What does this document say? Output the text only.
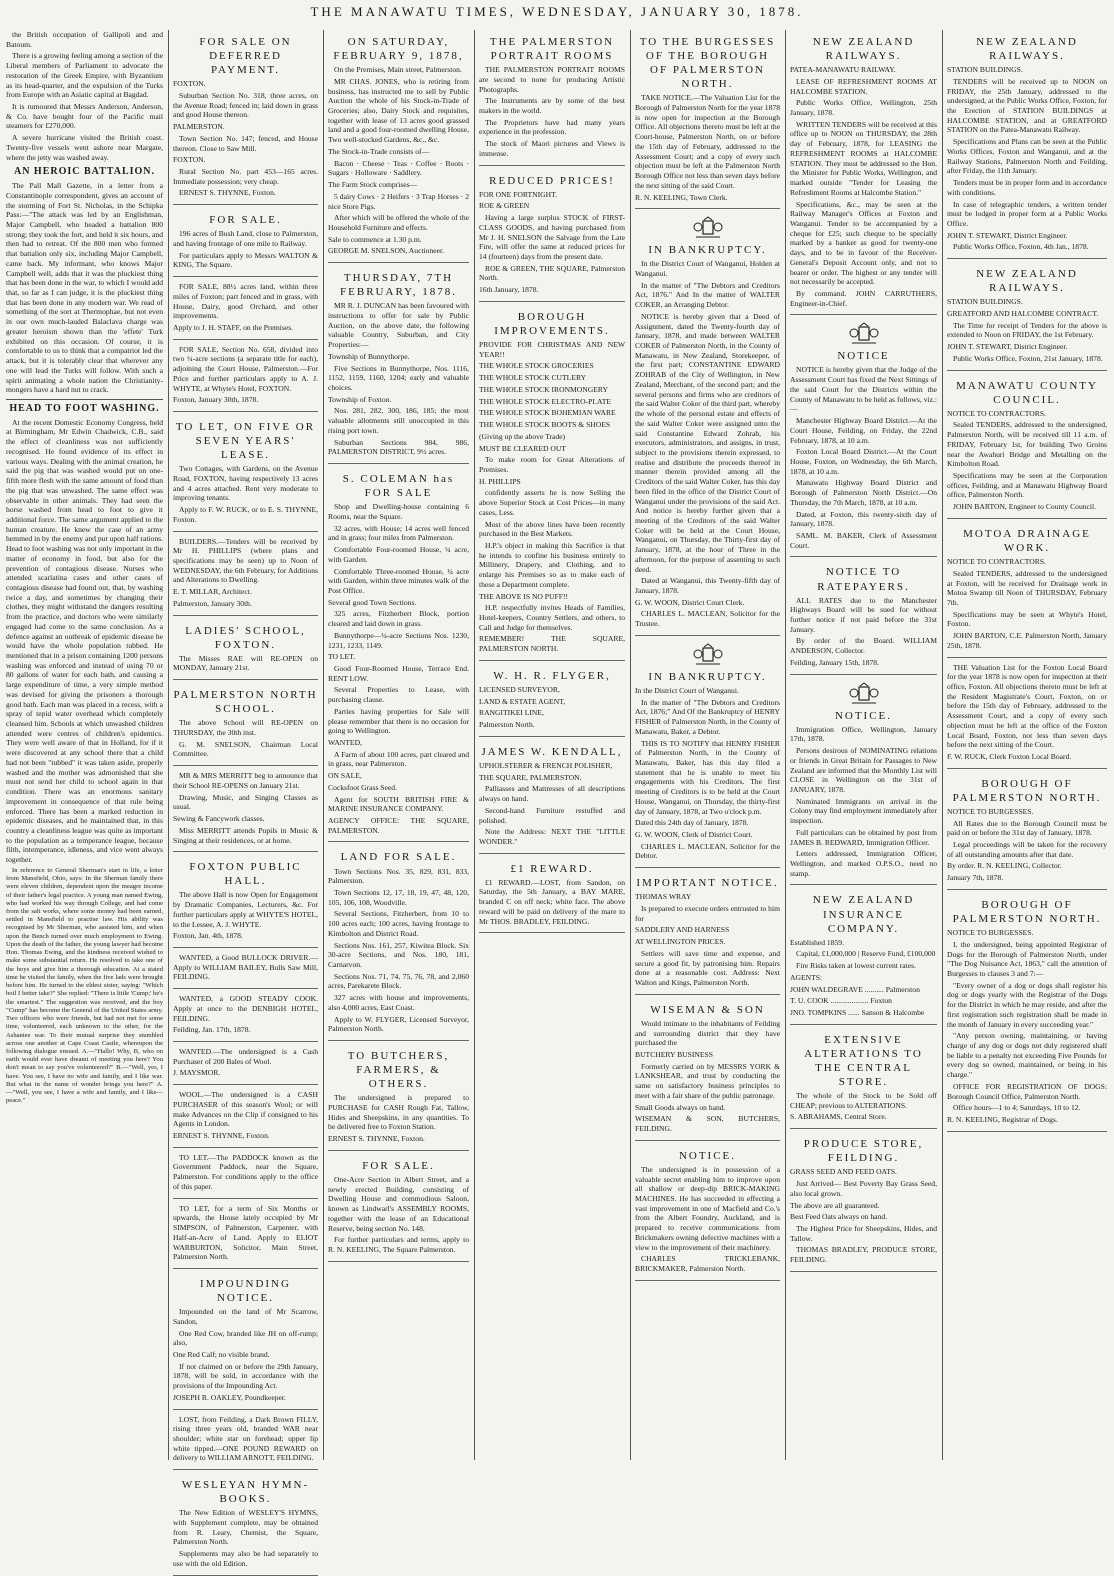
THE MANAWATU TIMES, WEDNESDAY, JANUARY 30, 1878.

the British occupation of Gallipoli and and Batoum.

There is a growing feeling among a section of the Liberal members of Parliament to advocate the restoration of the Greek Empire, with Byzantium as its head-quarter, and the expulsion of the Turks from Europe with an Asiatic capital at Bagdad.

It is rumoured that Messrs Anderson, Anderson, & Co. have bought four of the Pacific mail steamers for £270,000.

A severe hurricane visited the British coast. Twenty-five vessels went ashore near Margate, where the jetty was washed away.

AN HEROIC BATTALION.

The Pall Mall Gazette, in a letter from a Constantinople correspondent, gives an account of the storming of Fort St. Nicholas, in the Schipka Pass:—"The attack was led by an Englishman, Major Campbell, who headed a battalion 800 strong; they took the fort, and held it six hours, and then had to retreat. Of the 800 men who formed that battalion only six, including Major Campbell, came back. My informant, who knows Major Campbell well, adds that it was the pluckiest thing that has been done in the war, to which I would add that, so far as I can judge, it is the pluckiest thing that has been done in any modern war. We read of something of the sort at Thermophae, but not even in our own much-lauded Balaclava charge was greater heroism shown than the 'effete' Turk exhibited on this occasion. Of course, it is comfortable to us to think that a compatriot led the attack, but it is tolerably clear that wherever any one will lead the Turks will follow. With such a spirit animating a whole nation the Christianity-mongers have a hard nut to crack.

HEAD TO FOOT WASHING.

At the recent Domestic Economy Congress, held at Birmingham, Mr Edwin Chadwick, C.B., said the effect of cleanliness was not sufficiently recognised. He found evidence of its effect in various ways. Dealing with the animal creation, he said the pig that was washed would put on one-fifth more flesh with the same amount of food than the pig that was unwashed. The same effect was observable in other animals. They had seen the horse washed from head to foot to give it additional force. The same argument applied to the human creature. He knew the case of an army hemmed in by the enemy and put upon half rations. Head to foot washing was not only important in the matter of economy in food, but also for the prevention of contagious disease. Nurses who attended scarlatina cases and other cases of contagious disease had found out, that, by washing twice a day, and sometimes by changing their clothes, they might withstand the dangers resulting from the practice, and doctors who were similarly engaged had come to the same conclusion. As a defence against an outbreak of epidemic disease he would have the whole population tubbed. He mentioned that in a prison containing 1200 persons washing was enforced and instead of using 70 or 80 gallons of water for each bath, and causing a large expenditure of time, a very simple method was devised for giving the prisoners a thorough good bath. Each man was placed in a recess, with a spray of tepid water overhead which completely cleansed him. Schools at which unwashed children attended were centres of children's epidemics. They were well aware of that in Holland, for if it were discovered at any school there that a child had not been "tubbed" it was taken aside, properly washed and the mother was admonished that she must not send her child to school again in that condition. There was an enormous sanitary improvement in consequence of that rule being enforced. There has been a marked reduction in epidemic diseases, and he maintained that, in this country a cleanliness league was quite as important to the population as a temperance league, because filth, intemperance, idleness, and vice went always together.

In reference to General Sherman's start in life, a letter from Mansfield, Ohio, says: In the Sherman family there were eleven children, dependent upon the meagre income of their father's legal practice. A young man named Ewing, who had worked his way through College, and had come from the salt works, where some money had been earned, settled in Mansfield to practise law. His ability was recognised by Mr Sherman, who assisted him, and when upon the Bench turned over much employment to Ewing. Upon the death of the father, the young lawyer had become Hon. Thomas Ewing, and the kindness received wished to make some substantial return. He resolved to take one of the boys and give him a thorough education. At a stated time he visited the family, when the five lads were brought before him. He turned to the eldest sister, saying: "Which boil I better take?" She replied: "There is little 'Cump;' he's the smartest." The suggestion was received, and the boy "Cump" has become the General of the United States army. Two officers who were friends, but had not met for some time, volunteered, each unknown to the other, for the Ashantee war. To their mutual surprise they stumbled across one another at Cape Coast Castle, whereupon the following dialogue ensued. A.—"Hallo! Why, B, who on earth would ever have dreamt of meeting you here? You don't mean to say you've volunteered?" B.—"Well, yes, I have. You see, I have no wife and family, and I like war. But what in the name of wonder brings you here?" A.—"Well, you see, I have a wife and family, and I like—peace."

FOR SALE ON DEFERRED PAYMENT.

FOXTON.

Suburban Section No. 318, three acres, on the Avenue Road; fenced in; laid down in grass and good House thereon.

PALMERSTON.

Town Section No. 147; fenced, and House thereon. Close to Saw Mill.

FOXTON.

Rural Section No. part 453—165 acres. Immediate possession; very cheap.

ERNEST S. THYNNE, Foxton.

FOR SALE.

196 acres of Bush Land, close to Palmerston, and having frontage of one mile to Railway.

For particulars apply to Messrs WALTON & KING, The Square.

FOR SALE, 88½ acres land, within three miles of Foxton; part fenced and in grass, with House, Dairy, good Orchard, and other improvements.

Apply to J. H. STAFF, on the Premises.

FOR SALE, Section No. 658, divided into two ¼-acre sections (a separate title for each), adjoining the Court House, Palmerston.—For Price and further particulars apply to A. J. WHYTE, at Whyte's Hotel, FOXTON.

Foxton, January 30th, 1878.

TO LET, ON FIVE OR SEVEN YEARS' LEASE.

Two Cottages, with Gardens, on the Avenue Road, FOXTON, having respectively 13 acres and 4 acres attached. Rent very moderate to improving tenants.

Apply to F. W. RUCK, or to E. S. THYNNE, Foxton.

BUILDERS.—Tenders will be received by Mr H. PHILLIPS (where plans and specifications may be seen) up to Noon of WEDNESDAY, the 6th February, for Additions and Alterations to Dwelling.

E. T. MILLAR, Architect.

Palmerston, January 30th.

LADIES' SCHOOL, FOXTON.

The Misses RAE will RE-OPEN on MONDAY, January 21st.

PALMERSTON NORTH SCHOOL.

The above School will RE-OPEN on THURSDAY, the 30th inst.

G. M. SNELSON, Chairman Local Committee.

MR & MRS MERRITT beg to announce that their School RE-OPENS on January 21st.

Drawing, Music, and Singing Classes as usual.

Sewing & Fancywork classes.

Miss MERRITT attends Pupils in Music & Singing at their residences, or at home.

FOXTON PUBLIC HALL.

The above Hall is now Open for Engagement by Dramatic Companies, Lecturers, &c. For further particulars apply at WHYTE'S HOTEL, to the Lessee, A. J. WHYTE.

Foxton, Jan. 4th, 1878.

WANTED, a Good BULLOCK DRIVER.—Apply to WILLIAM BAILEY, Bulls Saw Mill, FEILDING.

WANTED, a GOOD STEADY COOK. Apply at once to the DENBIGH HOTEL, FEILDING.

Feilding, Jan. 17th, 1878.

WANTED.—The undersigned is a Cash Purchaser of 200 Bales of Wool.

J. MAYSMOR.

WOOL.—The undersigned is a CASH PURCHASER of this season's Wool; or will make Advances on the Clip if consigned to his Agents in London.

ERNEST S. THYNNE, Foxton.

TO LET.—The PADDOCK known as the Government Paddock, near the Square, Palmerston. For conditions apply to the office of this paper.

TO LET, for a term of Six Months or upwards, the House lately occupied by Mr SIMPSON, of Palmerston, Carpenter, with Half-an-Acre of Land. Apply to ELIOT WARBURTON, Solicitor, Main Street, Palmerston North.

IMPOUNDING NOTICE.

Impounded on the land of Mr Scarrow, Sandon,

One Red Cow, branded like JH on off-rump; also,

One Red Calf; no visible brand.

If not claimed on or before the 29th January, 1878, will be sold, in accordance with the provisions of the Impounding Act.

JOSEPH R. OAKLEY, Poundkeeper.

LOST, from Feilding, a Dark Brown FILLY, rising three years old, branded WAR near shoulder; white star on forehead; upper lip white tipped.—ONE POUND REWARD on delivery to WILLIAM ARNOTT, FEILDING.

WESLEYAN HYMN-BOOKS.

The New Edition of WESLEY'S HYMNS, with Supplement complete, may be obtained from R. Leary, Chemist, the Square, Palmerston North.

Supplements may also be had separately to use with the old Edition.

ON SATURDAY, FEBRUARY 9, 1878,

On the Premises, Main street, Palmerston.

MR CHAS. JONES, who is retiring from business, has instructed me to sell by Public Auction the whole of his Stock-in-Trade of Groceries; also, Dairy Stock and requisites, together with lease of 13 acres good grassed land and a good four-roomed dwelling House, Two well-stocked Gardens, &c., &c.

The Stock-in-Trade consists of—

Bacon · Cheese · Teas · Coffee · Boots · Sugars · Holloware · Saddlery.

The Farm Stock comprises—

5 dairy Cows · 2 Heifers · 3 Trap Horses · 2 nice Store Pigs.

After which will be offered the whole of the Household Furniture and effects.

Sale to commence at 1.30 p.m.

GEORGE M. SNELSON, Auctioneer.

THURSDAY, 7TH FEBRUARY, 1878.

MR R. J. DUNCAN has been favoured with instructions to offer for sale by Public Auction, on the above date, the following valuable Country, Suburban, and City Properties:—

Township of Bunnythorpe.

Five Sections in Bunnythorpe, Nos. 1116, 1152, 1159, 1160, 1204; early and valuable choices.

Township of Foxton.

Nos. 281, 282, 300, 186, 185; the most valuable allotments still unoccupied in this rising port town.

Suburban Sections 984, 986, PALMERSTON DISTRICT, 9½ acres.

S. COLEMAN has FOR SALE

Shop and Dwelling-house containing 6 Rooms, near the Square.

32 acres, with House; 14 acres well fenced and in grass; four miles from Palmerston.

Comfortable Four-roomed House, ¼ acre, with Garden.

Comfortable Three-roomed House, ¼ acre with Garden, within three minutes walk of the Post Office.

Several good Town Sections.

325 acres, Fitzherbert Block, portion cleared and laid down in grass.

Bunnythorpe—¼-acre Sections Nos. 1230, 1231, 1233, 1149.

TO LET.

Good Four-Roomed House, Terrace End. RENT LOW.

Several Properties to Lease, with purchasing clause.

Parties having properties for Sale will please remember that there is no occasion for going to Wellington.

WANTED,

A Farm of about 100 acres, part cleared and in grass, near Palmerston.

ON SALE,

Cocksfoot Grass Seed.

Agent for SOUTH BRITISH FIRE & MARINE INSURANCE COMPANY.

AGENCY OFFICE: THE SQUARE, PALMERSTON.

LAND FOR SALE.

Town Sections Nos. 35, 829, 831, 833, Palmerston.

Town Sections 12, 17, 18, 19, 47, 48, 120, 105, 106, 108, Woodville.

Several Sections, Fitzherbert, from 10 to 100 acres each; 100 acres, having frontage to Kimbolton and District Road.

Sections Nos. 161, 257, Kiwitea Block. Six 30-acre Sections, and Nos. 180, 181, Carnarvon.

Sections Nos. 71, 74, 75, 76, 78, and 2,060 acres, Parekarete Block.

327 acres with house and improvements, also 4,000 acres, East Coast.

Apply to W. FLYGER, Licensed Surveyor, Palmerston North.

TO BUTCHERS, FARMERS, & OTHERS.

The undersigned is prepared to PURCHASE for CASH Rough Fat, Tallow, Hides and Sheepskins, in any quantities. To be delivered free to Foxton Station.

ERNEST S. THYNNE, Foxton.

FOR SALE.

One-Acre Section in Albert Street, and a newly erected Building, consisting of Dwelling House and commodious Saloon, known as Lindwarl's ASSEMBLY ROOMS, together with the lease of an Educational Reserve, being section No. 148.

For further particulars and terms, apply to R. N. KEELING, The Square Palmerston.

THE PALMERSTON PORTRAIT ROOMS

THE PALMERSTON PORTRAIT ROOMS are second to none for producing Artistic Photographs.

The Instruments are by some of the best makers in the world.

The Proprietors have had many years experience in the profession.

The stock of Maori pictures and Views is immense.

REDUCED PRICES!

FOR ONE FORTNIGHT.

ROE & GREEN

Having a large surplus STOCK of FIRST-CLASS GOODS, and having purchased from Mr J. H. SNELSON the Salvage from the Late Fire, will offer the same at reduced prices for 14 (fourteen) days from the present date.

ROE & GREEN, THE SQUARE, Palmerston North.

16th January, 1878.

BOROUGH IMPROVEMENTS.

PROVIDE FOR CHRISTMAS AND NEW YEAR!!

THE WHOLE STOCK GROCERIES

THE WHOLE STOCK CUTLERY

THE WHOLE STOCK IRONMONGERY

THE WHOLE STOCK ELECTRO-PLATE

THE WHOLE STOCK BOHEMIAN WARE

THE WHOLE STOCK BOOTS & SHOES

(Giving up the above Trade)

MUST BE CLEARED OUT

To make room for Great Alterations of Premises.

H. PHILLIPS

confidently asserts he is now Selling the above Superior Stock at Cost Prices—in many cases, Less.

Most of the above lines have been recently purchased in the Best Markets.

H.P.'s object in making this Sacrifice is that he intends to confine his business entirely to Millinery, Drapery, and Clothing, and to enlarge his Premises so as to make each of these a Department complete.

THE ABOVE IS NO PUFF!!

H.P. respectfully invites Heads of Families, Hotel-keepers, Country Settlers, and others, to Call and Judge for themselves.

REMEMBER! THE SQUARE, PALMERSTON NORTH.

W. H. R. FLYGER,

LICENSED SURVEYOR,

LAND & ESTATE AGENT,

RANGITIKEI LINE,

Palmerston North.

JAMES W. KENDALL,

UPHOLSTERER & FRENCH POLISHER,

THE SQUARE, PALMERSTON.

Palliasses and Mattresses of all descriptions always on hand.

Second-hand Furniture restuffed and polished.

Note the Address: NEXT THE "LITTLE WONDER."

£1 REWARD.

£1 REWARD.—LOST, from Sandon, on Saturday, the 5th January, a BAY MARE, branded C on off neck; white face. The above reward will be paid on delivery of the mare to Mr THOS. BRADLEY, FEILDING.

TO THE BURGESSES OF THE BOROUGH OF PALMERSTON NORTH.

TAKE NOTICE.—The Valuation List for the Borough of Palmerston North for the year 1878 is now open for inspection at the Borough Office. All objections thereto must be left at the Court-house, Palmerston North, on or before the 15th day of February, addressed to the Assessment Court; and a copy of every such objection must be left at the Palmerston North Borough Office not less than seven days before the next sitting of the said Court.

R. N. KEELING, Town Clerk.

IN BANKRUPTCY.

In the District Court of Wanganui, Holden at Wanganui.

In the matter of "The Debtors and Creditors Act, 1876." And In the matter of WALTER COKER, an Arranging Debtor.

NOTICE is hereby given that a Deed of Assignment, dated the Twenty-fourth day of January, 1878, and made between WALTER COKER of Palmerston North, in the County of Manawatu, in New Zealand, Storekeeper, of the first part; CONSTANTINE EDWARD ZOHRAB of the City of Wellington, in New Zealand, Merchant, of the second part; and the several persons and firms who are creditors of the said Walter Coker of the third part, whereby the whole of the personal estate and effects of the said Walter Coker were assigned unto the said Constantine Edward Zohrab, his executors, administrators, and assigns, in trust, subject to the provisions therein expressed, to realise and distribute the proceeds thereof in manner therein provided among all the Creditors of the said Walter Coker, has this day been filed in the office of the District Court of Wanganui under the provisions of the said Act. And notice is hereby further given that a meeting of the Creditors of the said Walter Coker will be held at the Court House, Wanganui, on Thursday, the Thirty-first day of January, 1878, at the hour of Three in the afternoon, for the purpose of assenting to such deed.

Dated at Wanganui, this Twenty-fifth day of January, 1878.

G. W. WOON, District Court Clerk.

CHARLES L. MACLEAN, Solicitor for the Trustee.

IN BANKRUPTCY.

In the District Court of Wanganui.

In the matter of "The Debtors and Creditors Act, 1876;" And Of the Bankruptcy of HENRY FISHER of Palmerston North, in the County of Manawatu, Baker, a Debtor.

THIS IS TO NOTIFY that HENRY FISHER of Palmerston North, in the County of Manawatu, Baker, has this day filed a statement that he is unable to meet his engagements with his Creditors. The first meeting of Creditors is to be held at the Court House, Wanganui, on Thursday, the thirty-first day of January, 1878, at Two o'clock p.m.

Dated this 24th day of January, 1878.

G. W. WOON, Clerk of District Court.

CHARLES L. MACLEAN, Solicitor for the Debtor.

IMPORTANT NOTICE.

THOMAS WRAY

Is prepared to execute orders entrusted to him for

SADDLERY AND HARNESS

AT WELLINGTON PRICES.

Settlers will save time and expense, and secure a good fit, by patronising him. Repairs done at a reasonable cost. Address: Next Walton and Kings, Palmerston North.

WISEMAN & SON

Would intimate to the inhabitants of Feilding and surrounding district that they have purchased the

BUTCHERY BUSINESS

Formerly carried on by MESSRS YORK & LANKSHEAR, and trust by conducting the same on satisfactory business principles to meet with a fair share of the public patronage.

Small Goods always on hand.

WISEMAN & SON, BUTCHERS, FEILDING.

NOTICE.

The undersigned is in possession of a valuable secret enabling him to improve upon all shallow or deep-dip BRICK-MAKING MACHINES. He has succeeded in effecting a vast improvement in one of Macfield and Co.'s from the Albert Foundry, Auckland, and is prepared to receive communications from Brickmakers owning defective machines with a view to the improvement of their machinery.

CHARLES TRICKLEBANK, BRICKMAKER, Palmerston North.

NEW ZEALAND RAILWAYS.

PATEA-MANAWATU RAILWAY.

LEASE OF REFRESHMENT ROOMS AT HALCOMBE STATION.

Public Works Office, Wellington, 25th January, 1878.

WRITTEN TENDERS will be received at this office up to NOON on THURSDAY, the 28th day of February, 1878, for LEASING the REFRESHMENT ROOMS at HALCOMBE STATION. They must be addressed to the Hon. the Minister for Public Works, Wellington, and marked outside "Tender for Leasing the Refreshment Rooms at Halcombe Station."

Specifications, &c., may be seen at the Railway Manager's Offices at Foxton and Wanganui. Tender to be accompanied by a cheque for £25; such cheque to be specially marked by a banker as good for twenty-one days, and to be in favour of the Receiver-General's Deposit Account only, and not to bearer or order. The highest or any tender will not necessarily be accepted.

By command. JOHN CARRUTHERS, Engineer-in-Chief.

NOTICE

NOTICE is hereby given that the Judge of the Assessment Court has fixed the Next Sittings of the said Court for the Districts within the County of Manawatu to be held as follows, viz.:—

Manchester Highway Board District.—At the Court House, Feilding, on Friday, the 22nd February, 1878, at 10 a.m.

Foxton Local Board District.—At the Court House, Foxton, on Wednesday, the 6th March, 1878, at 10 a.m.

Manawatu Highway Board District and Borough of Palmerston North District.—On Thursday, the 7th March, 1878, at 10 a.m.

Dated, at Foxton, this twenty-sixth day of January, 1878.

SAML. M. BAKER, Clerk of Assessment Court.

NOTICE TO RATEPAYERS.

ALL RATES due to the Manchester Highways Board will be sued for without further notice if not paid before the 31st January.

By order of the Board. WILLIAM ANDERSON, Collector.

Feilding, January 15th, 1878.

NOTICE.

Immigration Office, Wellington, January 17th, 1878.

Persons desirous of NOMINATING relations or friends in Great Britain for Passages to New Zealand are informed that the Monthly List will CLOSE in Wellington on the 31st of JANUARY, 1878.

Nominated Immigrants on arrival in the Colony may find employment immediately after inspection.

Full particulars can be obtained by post from JAMES B. REDWARD, Immigration Officer.

Letters addressed, Immigration Officer, Wellington, and marked O.P.S.O., need no stamp.

NEW ZEALAND INSURANCE COMPANY.

Established 1859.

Capital, £1,000,000 | Reserve Fund, £100,000

Fire Risks taken at lowest current rates.

AGENTS:

JOHN WALDEGRAVE .......... Palmerston

T. U. COOK .................... Foxton

JNO. TOMPKINS ...... Sanson & Halcombe

EXTENSIVE ALTERATIONS TO THE CENTRAL STORE.

The whole of the Stock to be Sold off CHEAP; previous to ALTERATIONS.

S. ABRAHAMS, Central Store.

PRODUCE STORE, FEILDING.

GRASS SEED AND FEED OATS.

Just Arrived— Best Poverty Bay Grass Seed, also local grown.

The above are all guaranteed.

Best Feed Oats always on hand.

The Highest Price for Sheepskins, Hides, and Tallow.

THOMAS BRADLEY, PRODUCE STORE, FEILDING.

NEW ZEALAND RAILWAYS.

STATION BUILDINGS.

TENDERS will be received up to NOON on FRIDAY, the 25th January, addressed to the undersigned, at the Public Works Office, Foxton, for the Erection of STATION BUILDINGS at HALCOMBE STATION, and at GREATFORD STATION on the Patea-Manawatu Railway.

Specifications and Plans can be seen at the Public Works Offices, Foxton and Wanganui, and at the Railway Stations, Palmerston North and Feilding, after Friday, the 11th January.

Tenders must be in proper form and in accordance with conditions.

In case of telegraphic tenders, a written tender must be lodged in proper form at a Public Works Office.

JOHN T. STEWART, District Engineer.

Public Works Office, Foxton, 4th Jan., 1878.

NEW ZEALAND RAILWAYS.

STATION BUILDINGS.

GREATFORD AND HALCOMBE CONTRACT.

The Time for receipt of Tenders for the above is extended to Noon on FRIDAY, the 1st February.

JOHN T. STEWART, District Engineer.

Public Works Office, Foxton, 21st January, 1878.

MANAWATU COUNTY COUNCIL.

NOTICE TO CONTRACTORS.

Sealed TENDERS, addressed to the undersigned, Palmerston North, will be received till 11 a.m. of FRIDAY, February 1st, for building Two Groins near the Awahuri Bridge and Metalling on the Kimbolton Road.

Specifications may be seen at the Corporation offices, Feilding, and at Manawatu Highway Board office, Palmerston North.

JOHN BARTON, Engineer to County Council.

MOTOA DRAINAGE WORK.

NOTICE TO CONTRACTORS.

Sealed TENDERS, addressed to the undersigned at Foxton, will be received for Drainage work in Motoa Swamp till Noon of THURSDAY, February 7th.

Specifications may be seen at Whyte's Hotel, Foxton.

JOHN BARTON, C.E. Palmerston North, January 25th, 1878.

THE Valuation List for the Foxton Local Board for the year 1878 is now open for inspection at their office, Foxton. All objections thereto must be left at the Resident Magistrate's Court, Foxton, on or before the 15th day of February, addressed to the Assessment Court, and a copy of every such objection must be left at the office of the Foxton Local Board, Foxton, not less than seven days before the next sitting of the Court.

F. W. RUCK, Clerk Foxton Local Board.

BOROUGH OF PALMERSTON NORTH.

NOTICE TO BURGESSES.

All Rates due to the Borough Council must be paid on or before the 31st day of January, 1878.

Legal proceedings will be taken for the recovery of all outstanding amounts after that date.

By order. R. N. KEELING, Collector.

January 7th, 1878.

BOROUGH OF PALMERSTON NORTH.

NOTICE TO BURGESSES.

I, the undersigned, being appointed Registrar of Dogs for the Borough of Palmerston North, under "The Dog Nuisance Act, 1863," call the attention of Burgesses to clauses 3 and 7:—

"Every owner of a dog or dogs shall register his dog or dogs yearly with the Registrar of the Dogs for the District in which he may reside, and after the first registration such registration shall be made in the month of January in every succeeding year."

"Any person owning, maintaining, or having charge of any dog or dogs not duly registered shall be liable to a penalty not exceeding Five Pounds for every dog so owned, maintained, or being in his charge."

OFFICE FOR REGISTRATION OF DOGS: Borough Council Office, Palmerston North.

Office hours—1 to 4; Saturdays, 10 to 12.

R. N. KEELING, Registrar of Dogs.
